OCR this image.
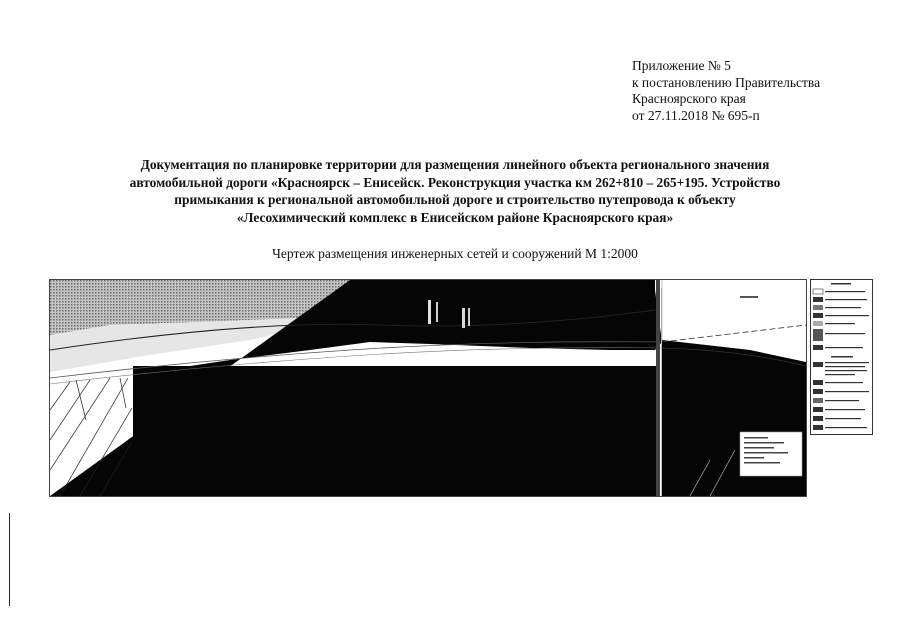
Приложение № 5
к постановлению Правительства
Красноярского края
от 27.11.2018 № 695-п
Документация по планировке территории для размещения линейного объекта регионального значения
автомобильной дороги «Красноярск – Енисейск. Реконструкция участка км 262+810 – 265+195. Устройство
примыкания к региональной автомобильной дороге и строительство путепровода к объекту
«Лесохимический комплекс в Енисейском районе Красноярского края»
Чертеж размещения инженерных сетей и сооружений М 1:2000
